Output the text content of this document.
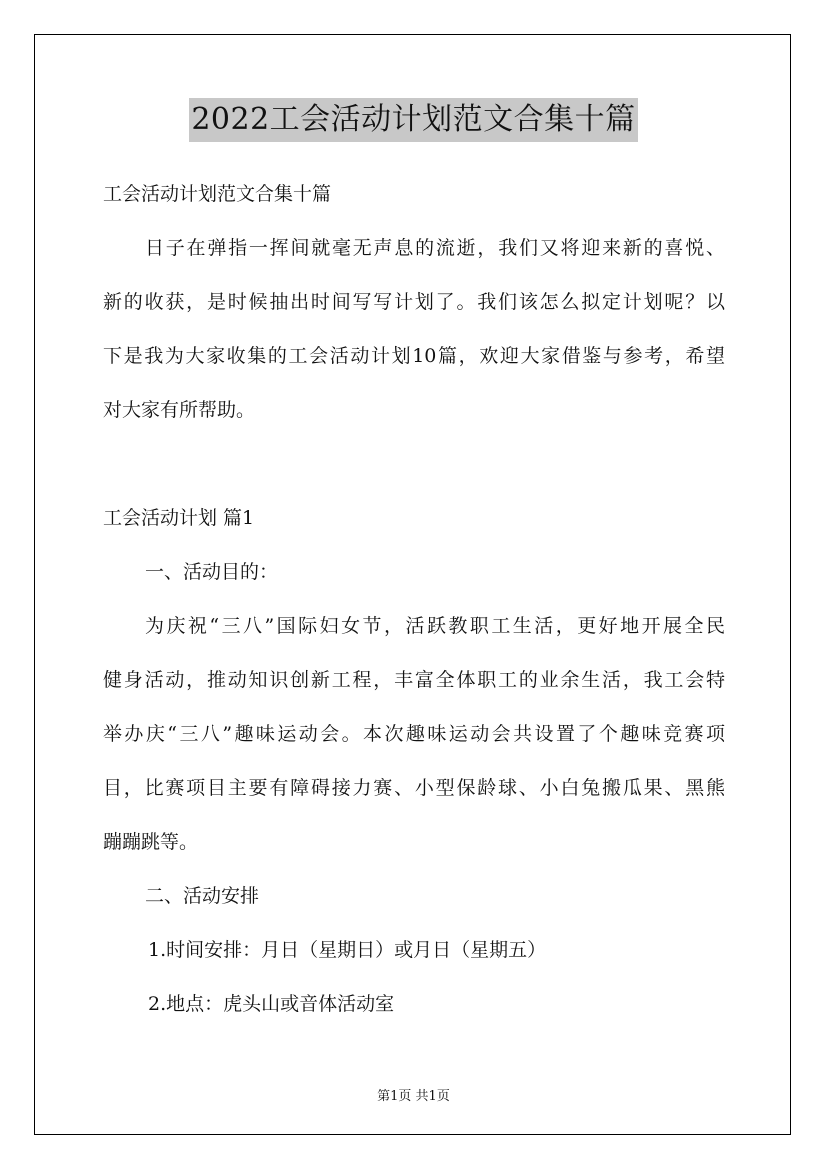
2022工会活动计划范文合集十篇
工会活动计划范文合集十篇
日子在弹指一挥间就毫无声息的流逝，我们又将迎来新的喜悦、
新的收获，是时候抽出时间写写计划了。我们该怎么拟定计划呢？以
下是我为大家收集的工会活动计划10篇，欢迎大家借鉴与参考，希望
对大家有所帮助。
工会活动计划 篇1
一、活动目的：
为庆祝“三八”国际妇女节，活跃教职工生活，更好地开展全民
健身活动，推动知识创新工程，丰富全体职工的业余生活，我工会特
举办庆“三八”趣味运动会。本次趣味运动会共设置了个趣味竞赛项
目，比赛项目主要有障碍接力赛、小型保龄球、小白兔搬瓜果、黑熊
蹦蹦跳等。
二、活动安排
1.时间安排：月日（星期日）或月日（星期五）
2.地点：虎头山或音体活动室
第1页 共1页
